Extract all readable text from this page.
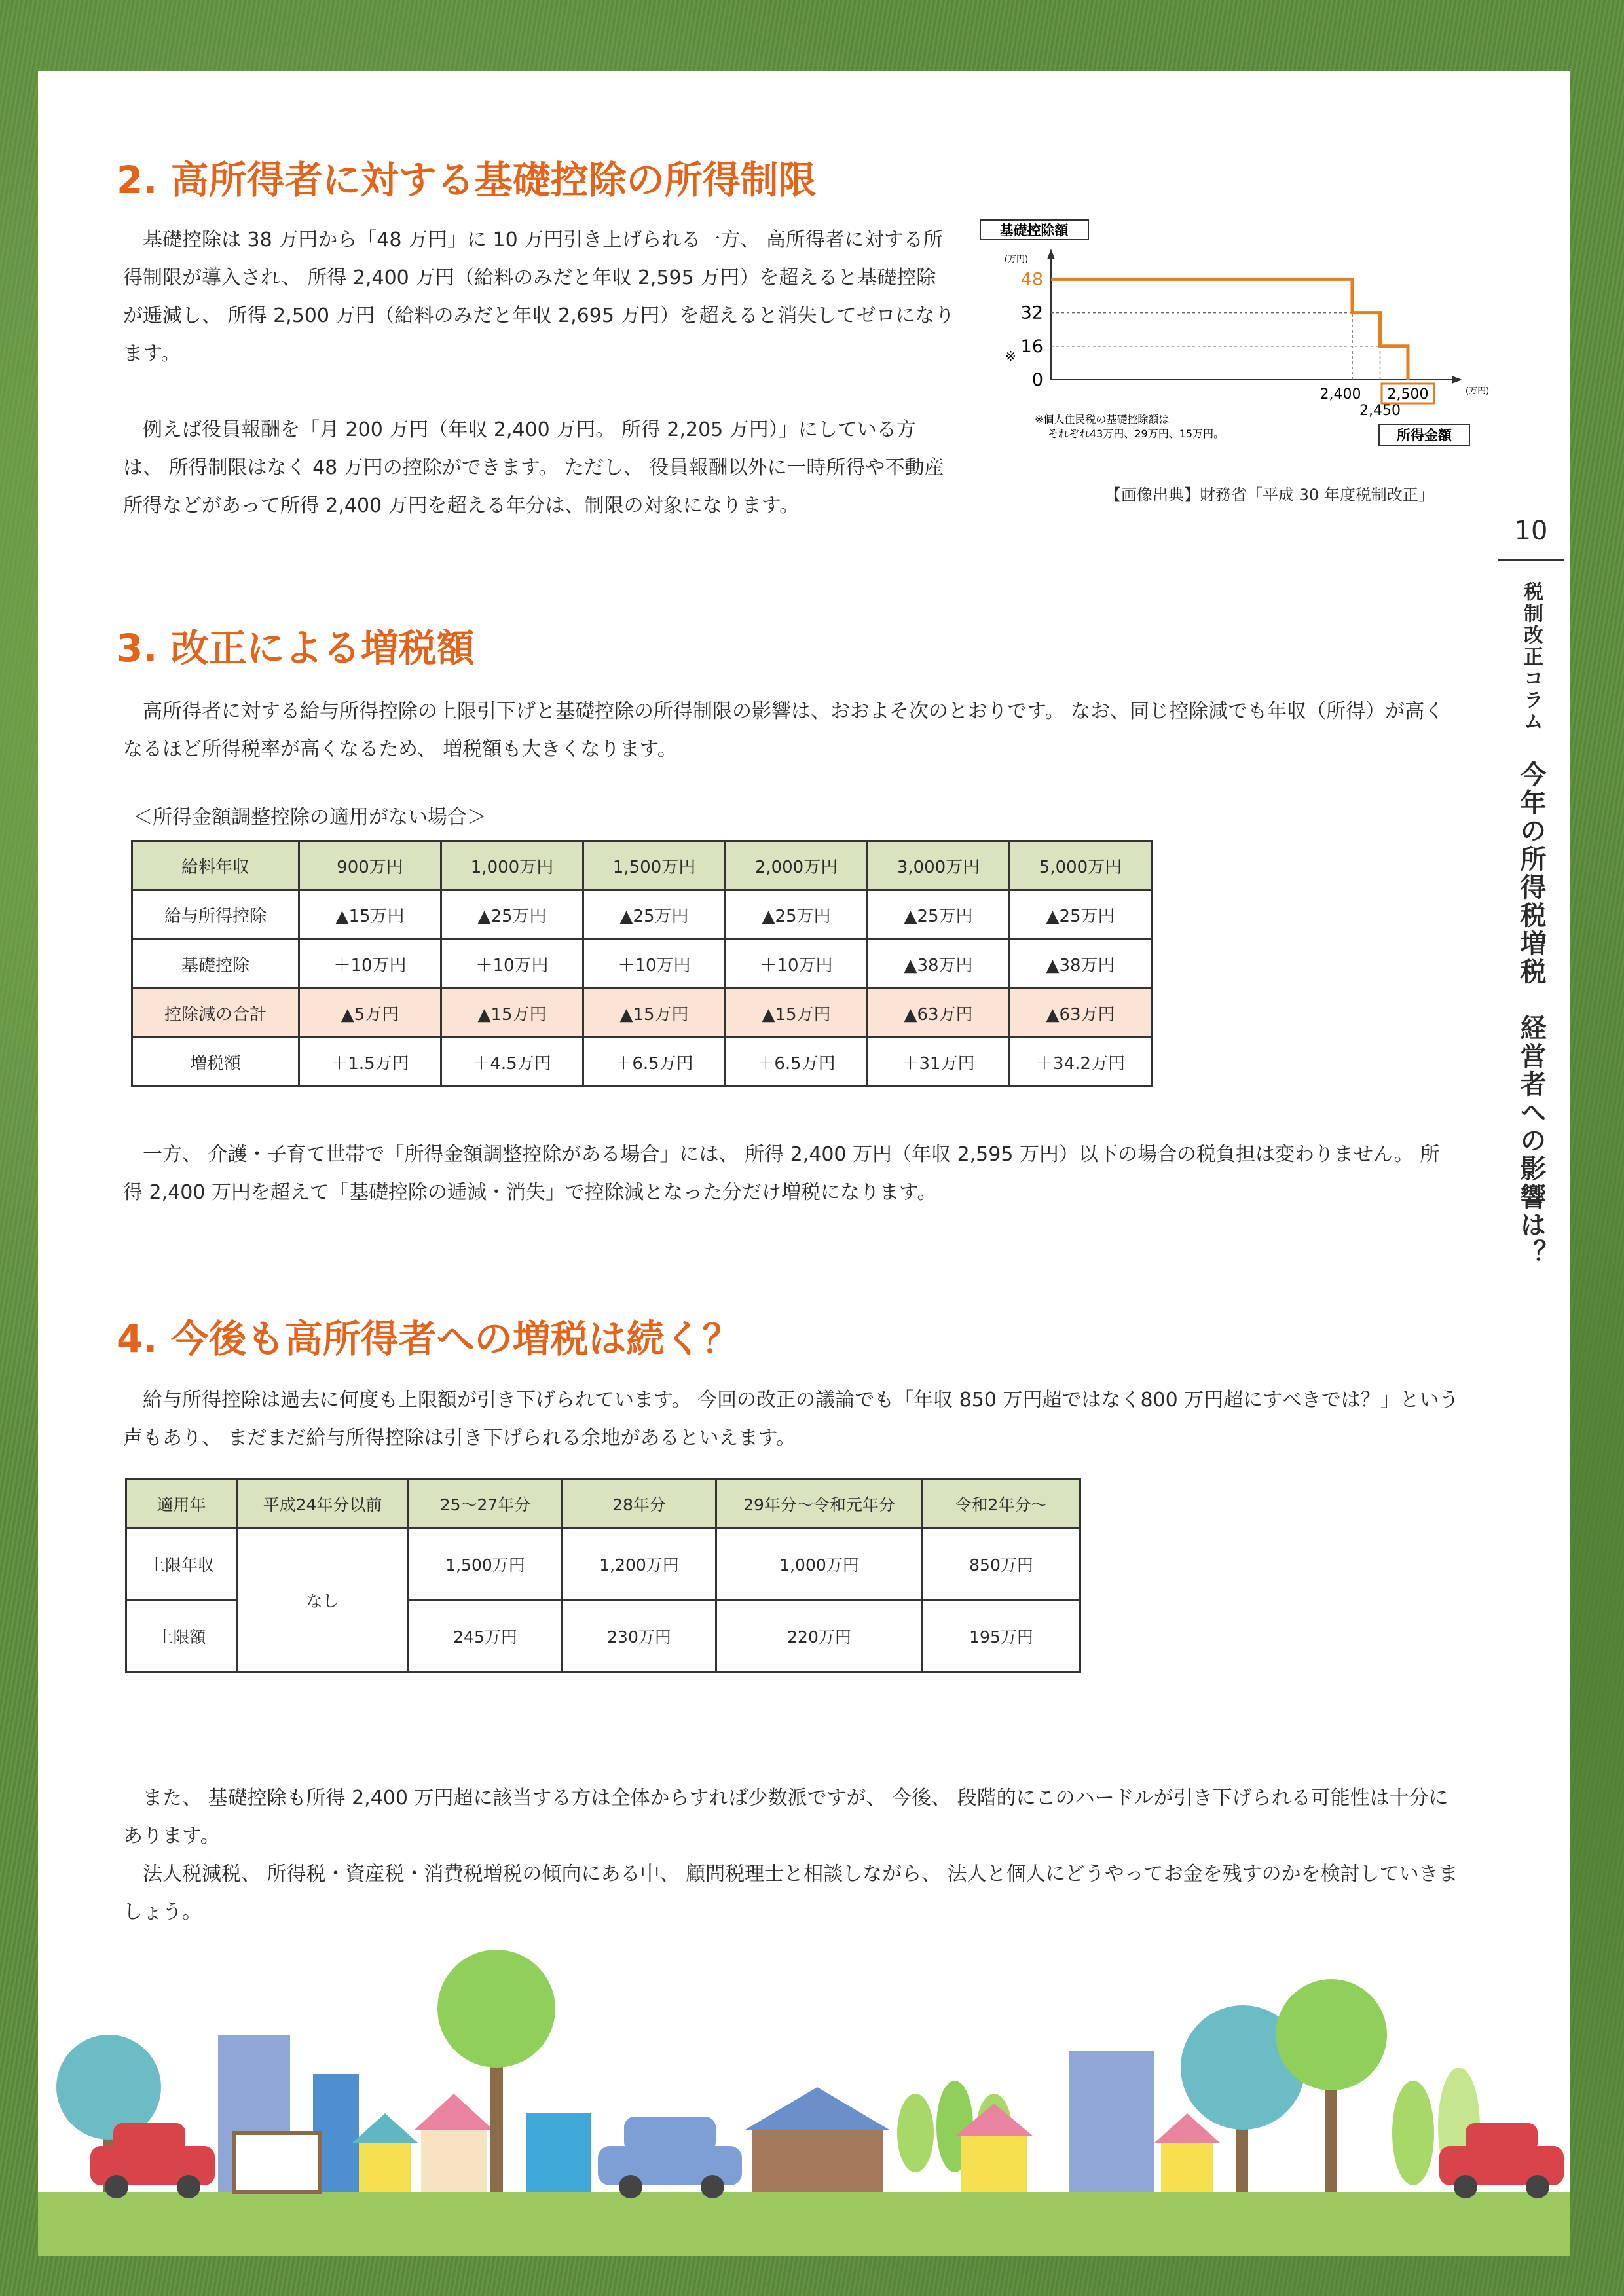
2. 高所得者に対する基礎控除の所得制限

基礎控除は 38 万円から「48 万円」に 10 万円引き上げられる一方、 高所得者に対する所得制限が導入され、 所得 2,400 万円（給料のみだと年収 2,595 万円）を超えると基礎控除が逓減し、 所得 2,500 万円（給料のみだと年収 2,695 万円）を超えると消失してゼロになります。

例えば役員報酬を「月 200 万円（年収 2,400 万円。 所得 2,205 万円）」にしている方は、 所得制限はなく 48 万円の控除ができます。 ただし、 役員報酬以外に一時所得や不動産所得などがあって所得 2,400 万円を超える年分は、制限の対象になります。

基礎控除額
(万円)
48
32
16
0
2,400
2,450
2,500	(万円)
※
※個人住民税の基礎控除額は
それぞれ43万円、29万円、15万円。	所得金額
【画像出典】財務省「平成 30 年度税制改正」
10
税制改正コラム　今年の所得税増税　経営者への影響は？
3. 改正による増税額

高所得者に対する給与所得控除の上限引下げと基礎控除の所得制限の影響は、おおよそ次のとおりです。 なお、同じ控除減でも年収（所得）が高くなるほど所得税率が高くなるため、 増税額も大きくなります。

＜所得金額調整控除の適用がない場合＞
給料年収	900万円	1,000万円	1,500万円	2,000万円	3,000万円	5,000万円
給与所得控除	▲15万円	▲25万円	▲25万円	▲25万円	▲25万円	▲25万円
基礎控除	＋10万円	＋10万円	＋10万円	＋10万円	▲38万円	▲38万円
控除減の合計	▲5万円	▲15万円	▲15万円	▲15万円	▲63万円	▲63万円
増税額	＋1.5万円	＋4.5万円	＋6.5万円	＋6.5万円	＋31万円	＋34.2万円

一方、 介護・子育て世帯で「所得金額調整控除がある場合」には、 所得 2,400 万円（年収 2,595 万円）以下の場合の税負担は変わりません。 所得 2,400 万円を超えて「基礎控除の逓減・消失」で控除減となった分だけ増税になります。

4. 今後も高所得者への増税は続く？

給与所得控除は過去に何度も上限額が引き下げられています。 今回の改正の議論でも「年収 850 万円超ではなく800 万円超にすべきでは？」という声もあり、 まだまだ給与所得控除は引き下げられる余地があるといえます。

適用年	平成24年分以前	25～27年分	28年分	29年分～令和元年分	令和2年分～
上限年収	なし	1,500万円	1,200万円	1,000万円	850万円
上限額		245万円	230万円	220万円	195万円

また、 基礎控除も所得 2,400 万円超に該当する方は全体からすれば少数派ですが、 今後、 段階的にこのハードルが引き下げられる可能性は十分にあります。

法人税減税、 所得税・資産税・消費税増税の傾向にある中、 顧問税理士と相談しながら、 法人と個人にどうやってお金を残すのかを検討していきましょう。
